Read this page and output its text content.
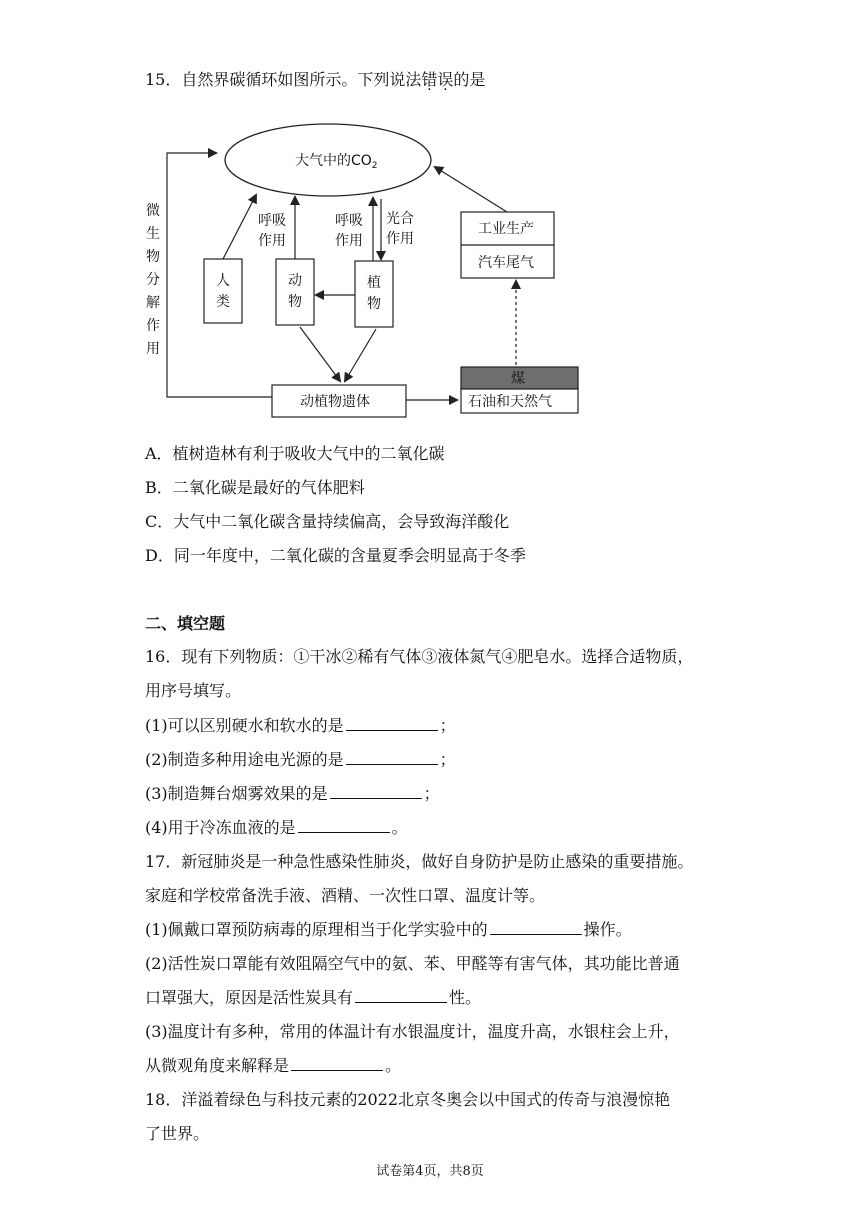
15．自然界碳循环如图所示。下列说法错误的是
大气中的$CO_2$
微
生
物
分
解
作
用
人
类
动
物
呼吸
作用
植
物
呼吸
作用
光合
作用
动植物遗体
煤
石油和天然气
工业生产
汽车尾气
A．植树造林有利于吸收大气中的二氧化碳
B．二氧化碳是最好的气体肥料
C．大气中二氧化碳含量持续偏高，会导致海洋酸化
D．同一年度中，二氧化碳的含量夏季会明显高于冬季
二、填空题
16．现有下列物质：①干冰②稀有气体③液体氮气④肥皂水。选择合适物质，
用序号填写。
(1)可以区别硬水和软水的是	；
(2)制造多种用途电光源的是	；
(3)制造舞台烟雾效果的是	；
(4)用于冷冻血液的是	。
17．新冠肺炎是一种急性感染性肺炎，做好自身防护是防止感染的重要措施。
家庭和学校常备洗手液、酒精、一次性口罩、温度计等。
(1)佩戴口罩预防病毒的原理相当于化学实验中的	操作。
(2)活性炭口罩能有效阻隔空气中的氨、苯、甲醛等有害气体，其功能比普通
口罩强大，原因是活性炭具有	性。
(3)温度计有多种，常用的体温计有水银温度计，温度升高，水银柱会上升，
从微观角度来解释是	。
18．洋溢着绿色与科技元素的2022北京冬奥会以中国式的传奇与浪漫惊艳
了世界。
试卷第4页，共8页
